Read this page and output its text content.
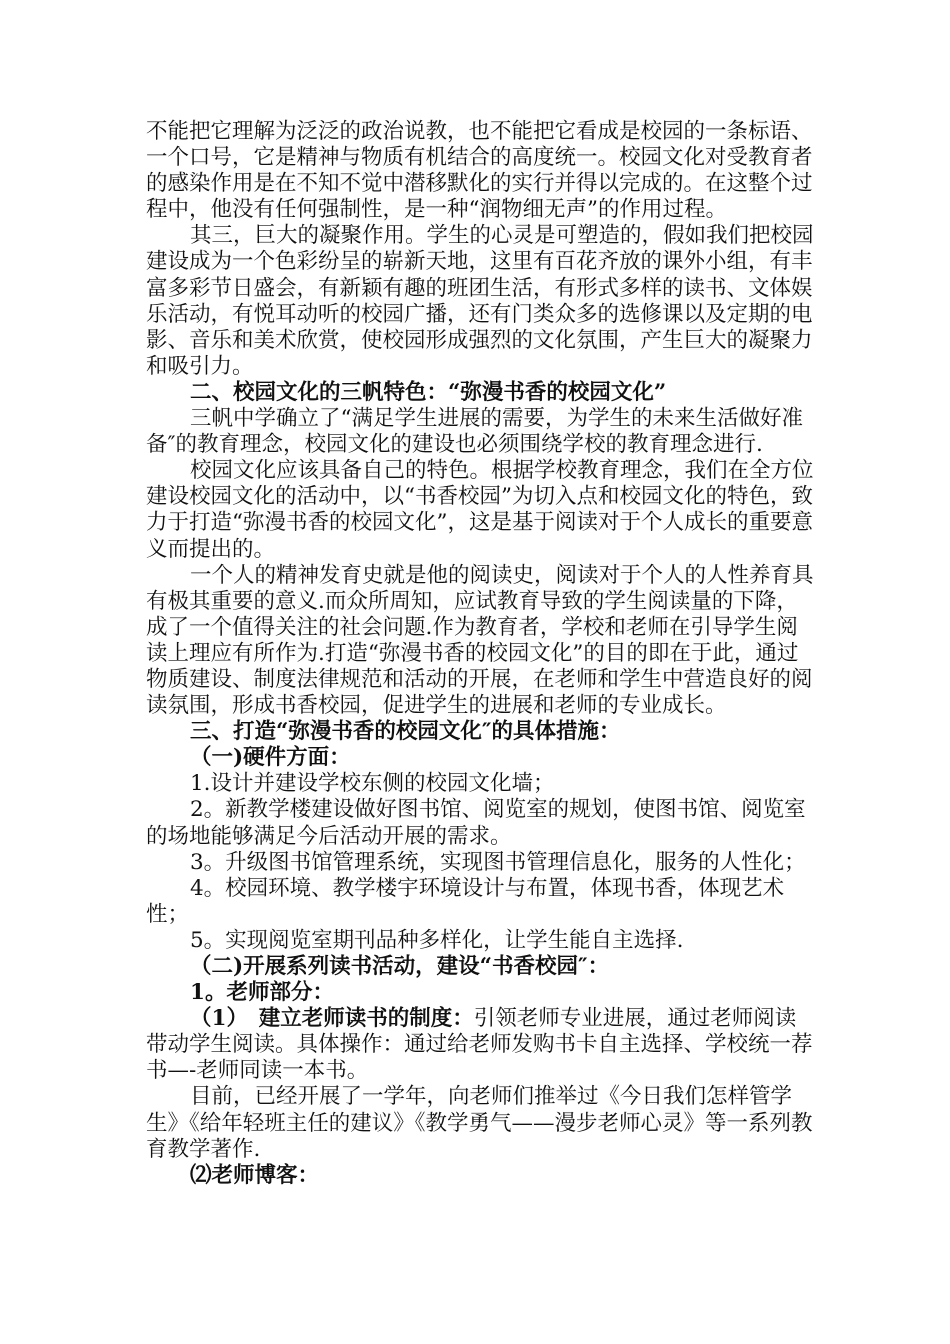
不能把它理解为泛泛的政治说教，也不能把它看成是校园的一条标语、一个口号，它是精神与物质有机结合的高度统一。校园文化对受教育者的感染作用是在不知不觉中潜移默化的实行并得以完成的。在这整个过程中，他没有任何强制性，是一种“润物细无声”的作用过程。

其三，巨大的凝聚作用。学生的心灵是可塑造的，假如我们把校园建设成为一个色彩纷呈的崭新天地，这里有百花齐放的课外小组，有丰富多彩节日盛会，有新颖有趣的班团生活，有形式多样的读书、文体娱乐活动，有悦耳动听的校园广播，还有门类众多的选修课以及定期的电影、音乐和美术欣赏，使校园形成强烈的文化氛围，产生巨大的凝聚力和吸引力。

二、校园文化的三帆特色：“弥漫书香的校园文化”

三帆中学确立了“满足学生进展的需要，为学生的未来生活做好准备″的教育理念，校园文化的建设也必须围绕学校的教育理念进行.

校园文化应该具备自己的特色。根据学校教育理念，我们在全方位建设校园文化的活动中，以“书香校园”为切入点和校园文化的特色，致力于打造“弥漫书香的校园文化”，这是基于阅读对于个人成长的重要意义而提出的。

一个人的精神发育史就是他的阅读史，阅读对于个人的人性养育具有极其重要的意义.而众所周知，应试教育导致的学生阅读量的下降，成了一个值得关注的社会问题.作为教育者，学校和老师在引导学生阅读上理应有所作为.打造“弥漫书香的校园文化”的目的即在于此，通过物质建设、制度法律规范和活动的开展，在老师和学生中营造良好的阅读氛围，形成书香校园，促进学生的进展和老师的专业成长。

三、打造“弥漫书香的校园文化″的具体措施：

（一)硬件方面：

1.设计并建设学校东侧的校园文化墙；

2。新教学楼建设做好图书馆、阅览室的规划，使图书馆、阅览室的场地能够满足今后活动开展的需求。

3。升级图书馆管理系统，实现图书管理信息化，服务的人性化；

4。校园环境、教学楼宇环境设计与布置，体现书香，体现艺术性；

5。实现阅览室期刊品种多样化，让学生能自主选择.

（二)开展系列读书活动，建设“书香校园″：

1。老师部分：

（1）　建立老师读书的制度：引领老师专业进展，通过老师阅读带动学生阅读。具体操作：通过给老师发购书卡自主选择、学校统一荐书—-老师同读一本书。

目前，已经开展了一学年，向老师们推举过《今日我们怎样管学生》《给年轻班主任的建议》《教学勇气——漫步老师心灵》等一系列教育教学著作.

⑵老师博客：
